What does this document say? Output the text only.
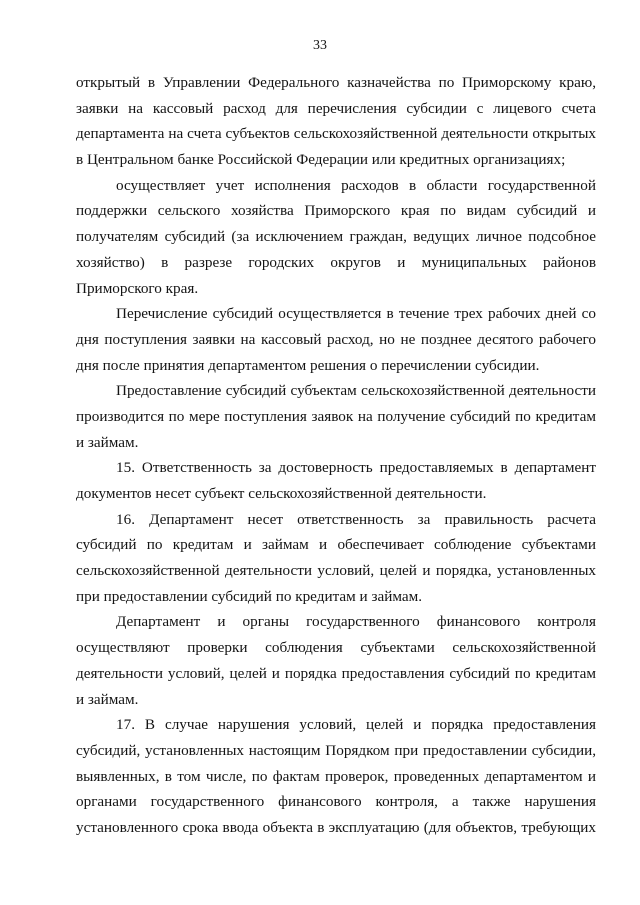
33
открытый в Управлении Федерального казначейства по Приморскому краю,
заявки на кассовый расход для перечисления субсидии с лицевого счета
департамента на счета субъектов сельскохозяйственной деятельности открытых
в Центральном банке Российской Федерации или кредитных организациях;
осуществляет учет исполнения расходов в области государственной
поддержки сельского хозяйства Приморского края по видам субсидий и
получателям субсидий (за исключением граждан, ведущих личное подсобное
хозяйство) в разрезе городских округов и муниципальных районов
Приморского края.
Перечисление субсидий осуществляется в течение трех рабочих дней со
дня поступления заявки на кассовый расход, но не позднее десятого рабочего
дня после принятия департаментом решения о перечислении субсидии.
Предоставление субсидий субъектам сельскохозяйственной деятельности
производится по мере поступления заявок на получение субсидий по кредитам
и займам.
15. Ответственность за достоверность предоставляемых в департамент
документов несет субъект сельскохозяйственной деятельности.
16. Департамент несет ответственность за правильность расчета
субсидий по кредитам и займам и обеспечивает соблюдение субъектами
сельскохозяйственной деятельности условий, целей и порядка, установленных
при предоставлении субсидий по кредитам и займам.
Департамент и органы государственного финансового контроля
осуществляют проверки соблюдения субъектами сельскохозяйственной
деятельности условий, целей и порядка предоставления субсидий по кредитам
и займам.
17. В случае нарушения условий, целей и порядка предоставления
субсидий, установленных настоящим Порядком при предоставлении субсидии,
выявленных, в том числе, по фактам проверок, проведенных департаментом и
органами государственного финансового контроля, а также нарушения
установленного срока ввода объекта в эксплуатацию (для объектов, требующих
